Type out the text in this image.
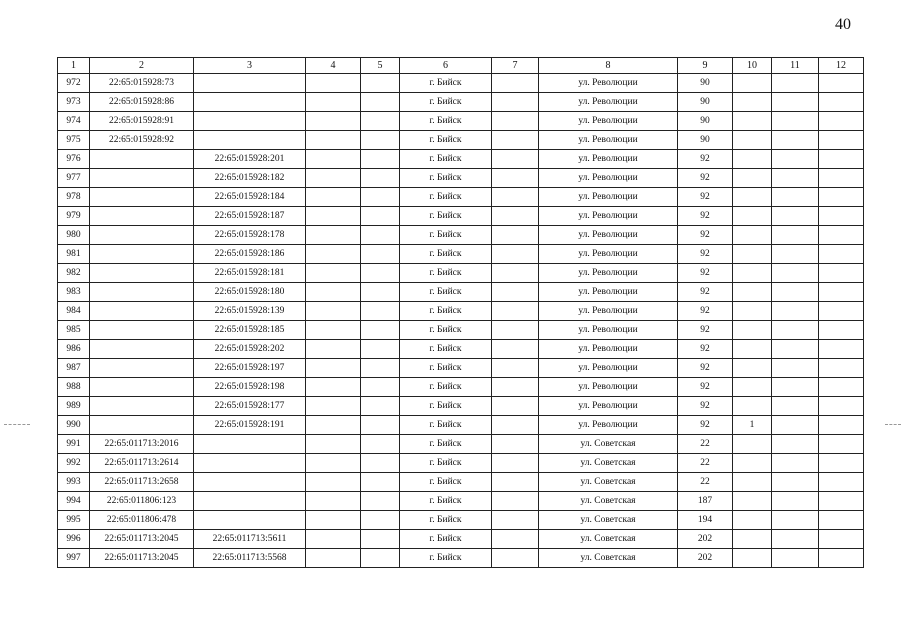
40
1	2	3	4	5	6	7	8	9	10	11	12
972	22:65:015928:73				г. Бийск		ул. Революции	90			
973	22:65:015928:86				г. Бийск		ул. Революции	90			
974	22:65:015928:91				г. Бийск		ул. Революции	90			
975	22:65:015928:92				г. Бийск		ул. Революции	90			
976		22:65:015928:201			г. Бийск		ул. Революции	92			
977		22:65:015928:182			г. Бийск		ул. Революции	92			
978		22:65:015928:184			г. Бийск		ул. Революции	92			
979		22:65:015928:187			г. Бийск		ул. Революции	92			
980		22:65:015928:178			г. Бийск		ул. Революции	92			
981		22:65:015928:186			г. Бийск		ул. Революции	92			
982		22:65:015928:181			г. Бийск		ул. Революции	92			
983		22:65:015928:180			г. Бийск		ул. Революции	92			
984		22:65:015928:139			г. Бийск		ул. Революции	92			
985		22:65:015928:185			г. Бийск		ул. Революции	92			
986		22:65:015928:202			г. Бийск		ул. Революции	92			
987		22:65:015928:197			г. Бийск		ул. Революции	92			
988		22:65:015928:198			г. Бийск		ул. Революции	92			
989		22:65:015928:177			г. Бийск		ул. Революции	92			
990		22:65:015928:191			г. Бийск		ул. Революции	92	1		
991	22:65:011713:2016				г. Бийск		ул. Советская	22			
992	22:65:011713:2614				г. Бийск		ул. Советская	22			
993	22:65:011713:2658				г. Бийск		ул. Советская	22			
994	22:65:011806:123				г. Бийск		ул. Советская	187			
995	22:65:011806:478				г. Бийск		ул. Советская	194			
996	22:65:011713:2045	22:65:011713:5611			г. Бийск		ул. Советская	202			
997	22:65:011713:2045	22:65:011713:5568			г. Бийск		ул. Советская	202			
